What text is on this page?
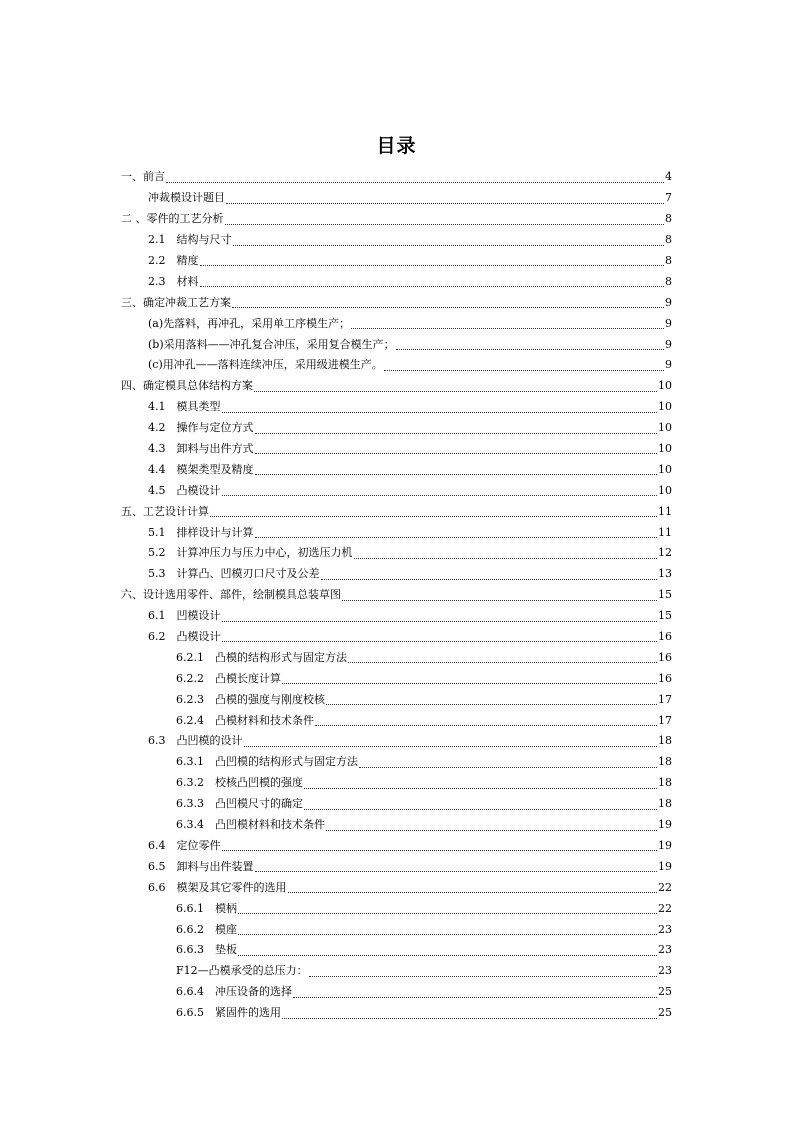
目录
一、前言	4
冲裁模设计题目	7
二 、零件的工艺分析	8
2.1　结构与尺寸	8
2.2　精度	8
2.3　材料	8
三、确定冲裁工艺方案	9
(a)先落料，再冲孔，采用单工序模生产；	9
(b)采用落料——冲孔复合冲压，采用复合模生产；	9
(c)用冲孔——落料连续冲压，采用级进模生产。	9
四、确定模具总体结构方案	10
4.1　模具类型	10
4.2　操作与定位方式	10
4.3　卸料与出件方式	10
4.4　模架类型及精度	10
4.5　凸模设计	10
五、工艺设计计算	11
5.1　排样设计与计算	11
5.2　计算冲压力与压力中心，初选压力机	12
5.3　计算凸、凹模刃口尺寸及公差	13
六、设计选用零件、部件，绘制模具总装草图	15
6.1　凹模设计	15
6.2　凸模设计	16
6.2.1　凸模的结构形式与固定方法	16
6.2.2　凸模长度计算	16
6.2.3　凸模的强度与刚度校核	17
6.2.4　凸模材料和技术条件	17
6.3　凸凹模的设计	18
6.3.1　凸凹模的结构形式与固定方法	18
6.3.2　校核凸凹模的强度	18
6.3.3　凸凹模尺寸的确定	18
6.3.4　凸凹模材料和技术条件	19
6.4　定位零件	19
6.5　卸料与出件装置	19
6.6　模架及其它零件的选用	22
6.6.1　模柄	22
6.6.2　模座	23
6.6.3　垫板	23
F12—凸模承受的总压力：	23
6.6.4　冲压设备的选择	25
6.6.5　紧固件的选用	25
